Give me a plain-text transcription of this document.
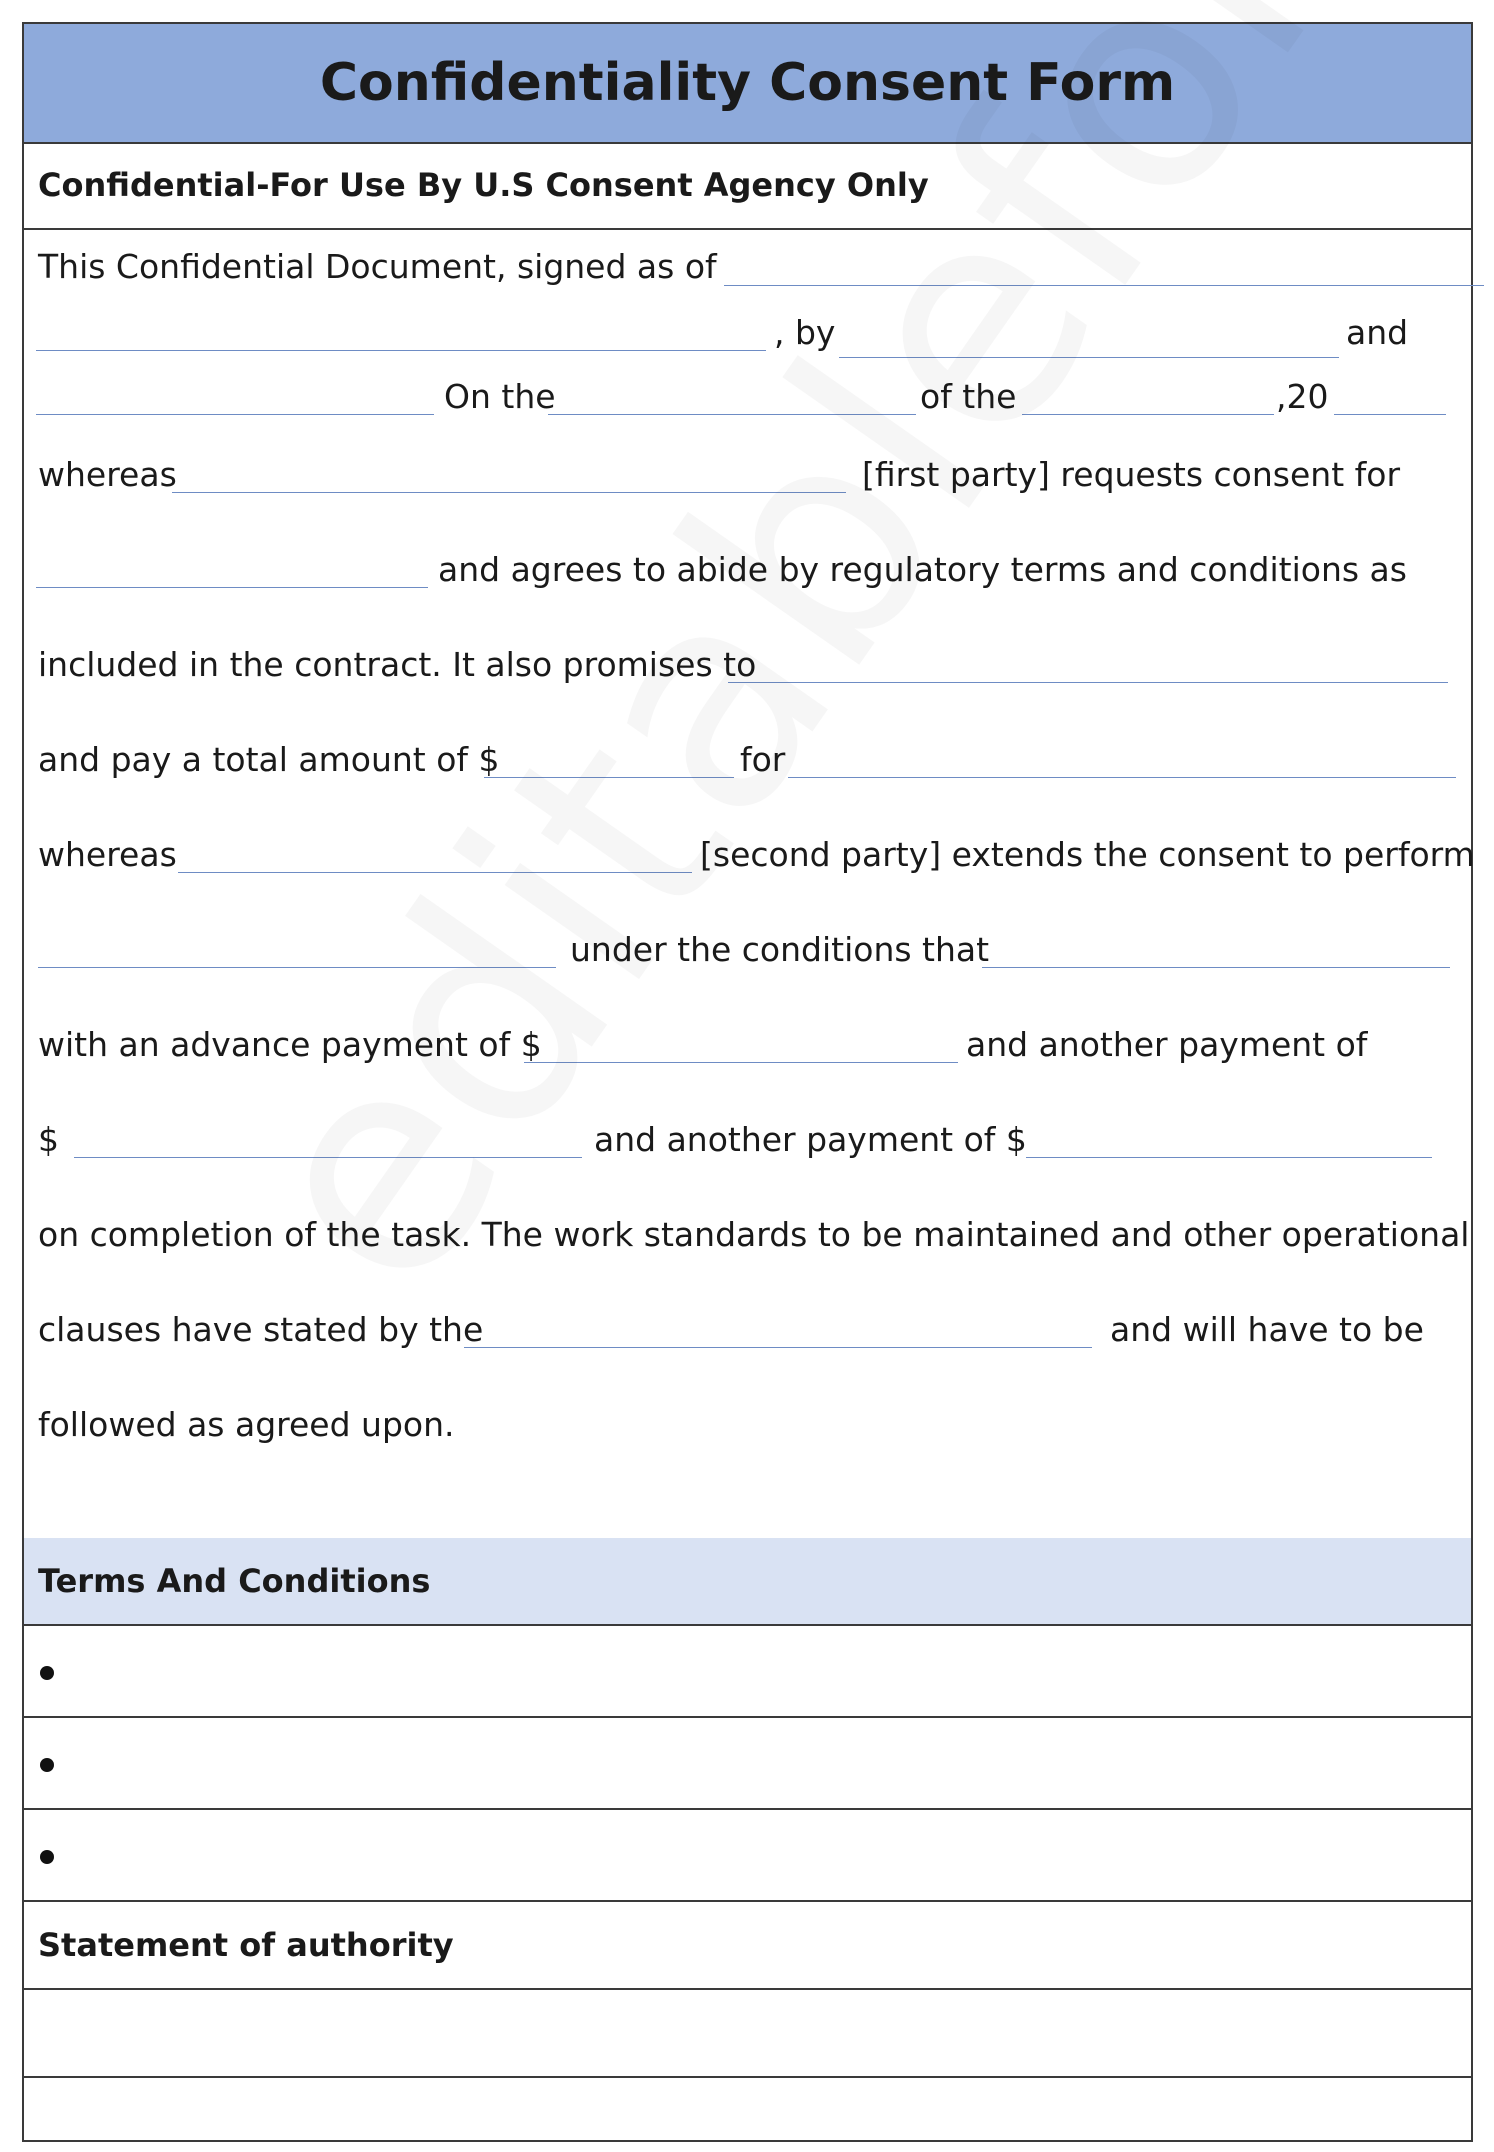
Confidentiality Consent Form
Confidential-For Use By U.S Consent Agency Only
This Confidential Document, signed as of
, by	and
On the	of the	,20
whereas	[first party] requests consent for
and agrees to abide by regulatory terms and conditions as
included in the contract. It also promises to
and pay a total amount of $	for
whereas	[second party] extends the consent to perform
under the conditions that
with an advance payment of $	and another payment of
$	and another payment of $
on completion of the task. The work standards to be maintained and other operational
clauses have stated by the	and will have to be
followed as agreed upon.
Terms And Conditions
Statement of authority
